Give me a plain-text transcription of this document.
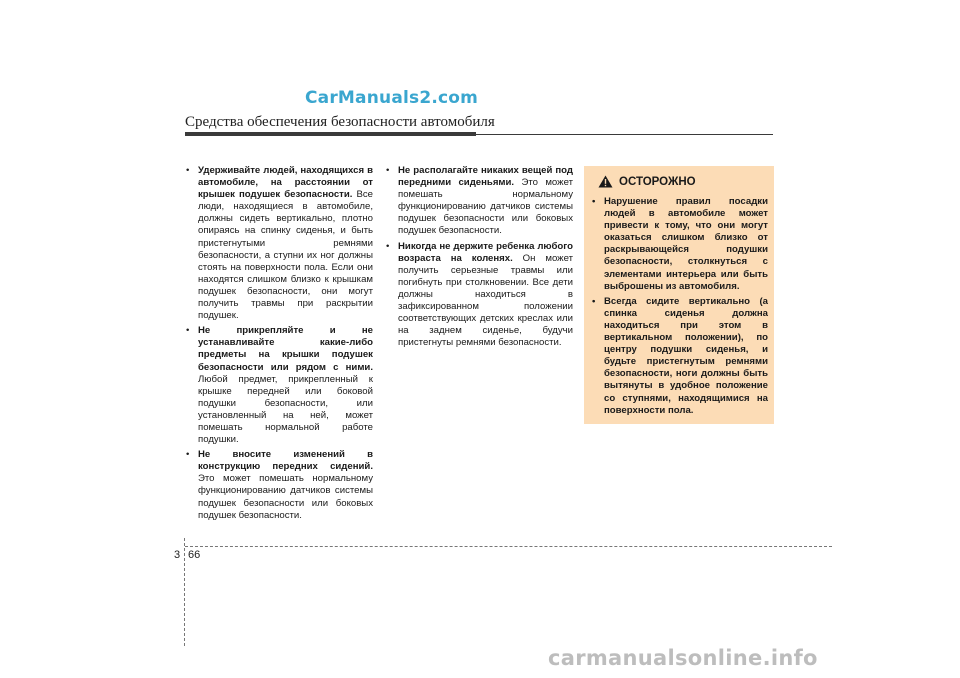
CarManuals2.com
Средства обеспечения безопасности автомобиля
• Удерживайте людей, находящихся в автомобиле, на расстоянии от крышек подушек безопасности. Все люди, находящиеся в автомобиле, должны сидеть вертикально, плотно опираясь на спинку сиденья, и быть пристегнутыми ремнями безопасности, а ступни их ног должны стоять на поверхности пола. Если они находятся слишком близко к крышкам подушек безопасности, они могут получить травмы при раскрытии подушек.
• Не прикрепляйте и не устанавливайте какие-либо предметы на крышки подушек безопасности или рядом с ними. Любой предмет, прикрепленный к крышке передней или боковой подушки безопасности, или установленный на ней, может помешать нормальной работе подушки.
• Не вносите изменений в конструкцию передних сидений. Это может помешать нормальному функционированию датчиков системы подушек безопасности или боковых подушек безопасности.
• Не располагайте никаких вещей под передними сиденьями. Это может помешать нормальному функционированию датчиков системы подушек безопасности или боковых подушек безопасности.
• Никогда не держите ребенка любого возраста на коленях. Он может получить серьезные травмы или погибнуть при столкновении. Все дети должны находиться в зафиксированном положении соответствующих детских креслах или на заднем сиденье, будучи пристегнуты ремнями безопасности.
ОСТОРОЖНО
• Нарушение правил посадки людей в автомобиле может привести к тому, что они могут оказаться слишком близко от раскрывающейся подушки безопасности, столкнуться с элементами интерьера или быть выброшены из автомобиля.
• Всегда сидите вертикально (а спинка сиденья должна находиться при этом в вертикальном положении), по центру подушки сиденья, и будьте пристегнутым ремнями безопасности, ноги должны быть вытянуты в удобное положение со ступнями, находящимися на поверхности пола.
3 66
carmanualsonline.info
